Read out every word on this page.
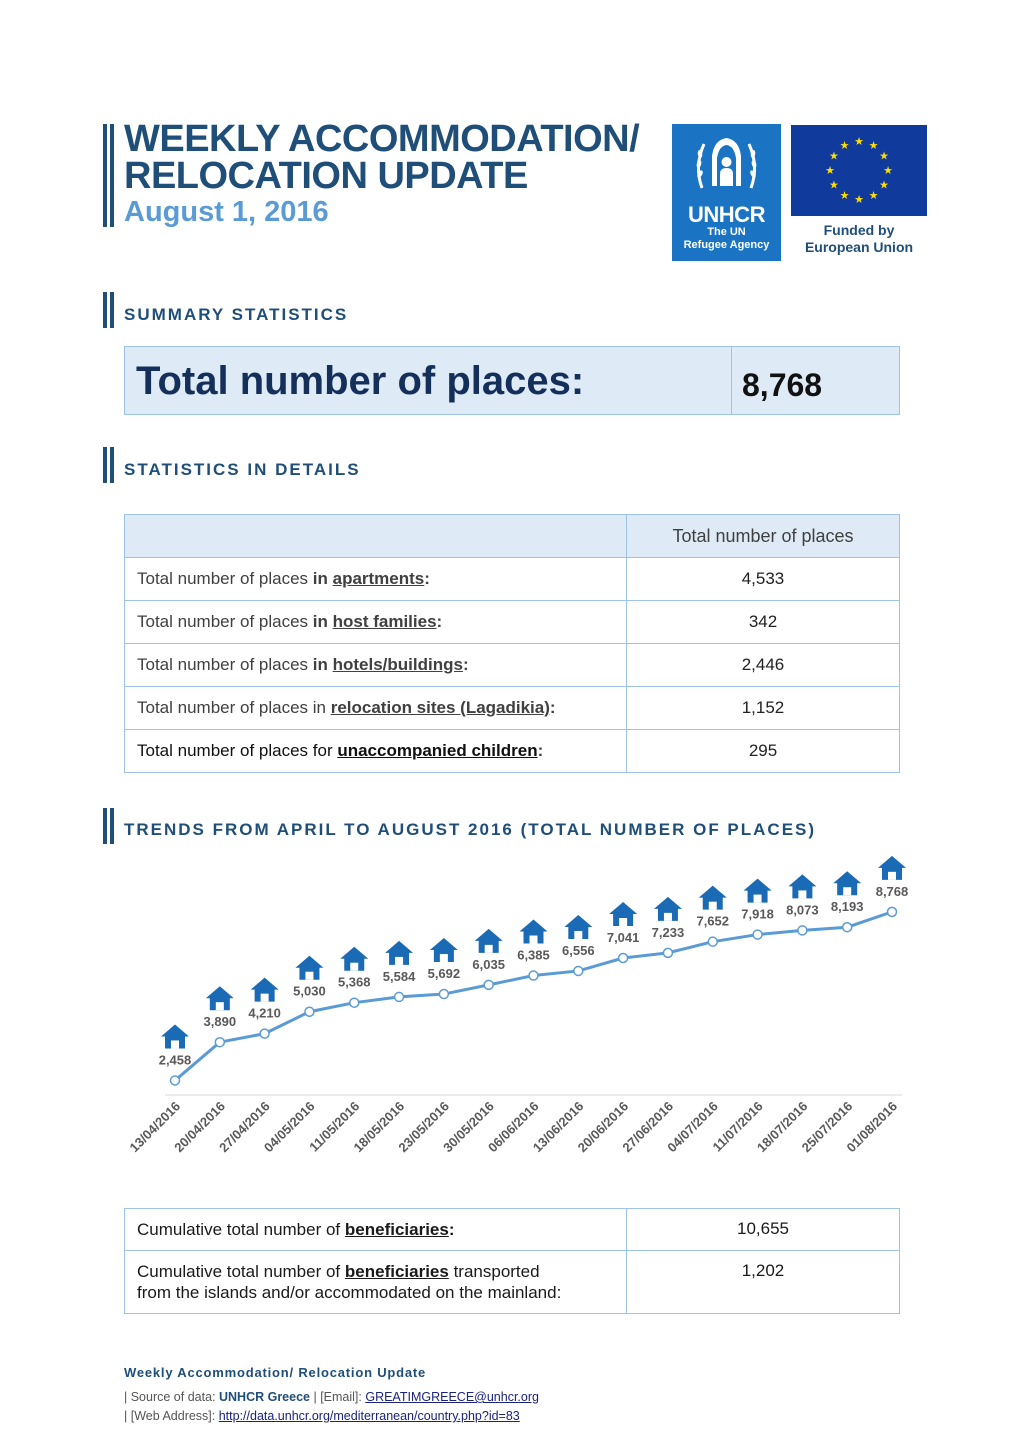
WEEKLY ACCOMMODATION/
RELOCATION UPDATE
August 1, 2016	UNHCR
The UN
Refugee Agency
★ ★
★
★
★
★
★
★
★
★
★
★
Funded by
European Union
SUMMARY STATISTICS
Total number of places:	8,768
STATISTICS IN DETAILS
	Total number of places
Total number of places in apartments:	4,533
Total number of places in host families:	342
Total number of places in hotels/buildings:	2,446
Total number of places in relocation sites (Lagadikia):	1,152
Total number of places for unaccompanied children:	295
TRENDS FROM APRIL TO AUGUST 2016 (TOTAL NUMBER OF PLACES)
2,458
13/04/2016
3,890
20/04/2016
4,210
27/04/2016
5,030
04/05/2016
5,368
11/05/2016
5,584
18/05/2016
5,692
23/05/2016
6,035
30/05/2016
6,385
06/06/2016
6,556
13/06/2016
7,041
20/06/2016
7,233
27/06/2016
7,652
04/07/2016
7,918
11/07/2016
8,073
18/07/2016
8,193
25/07/2016
8,768
01/08/2016
Cumulative total number of beneficiaries:	10,655
Cumulative total number of beneficiaries transported
from the islands and/or accommodated on the mainland:	1,202
Weekly Accommodation/ Relocation Update
| Source of data: UNHCR Greece | [Email]: GREATIMGREECE@unhcr.org
| [Web Address]: http://data.unhcr.org/mediterranean/country.php?id=83
